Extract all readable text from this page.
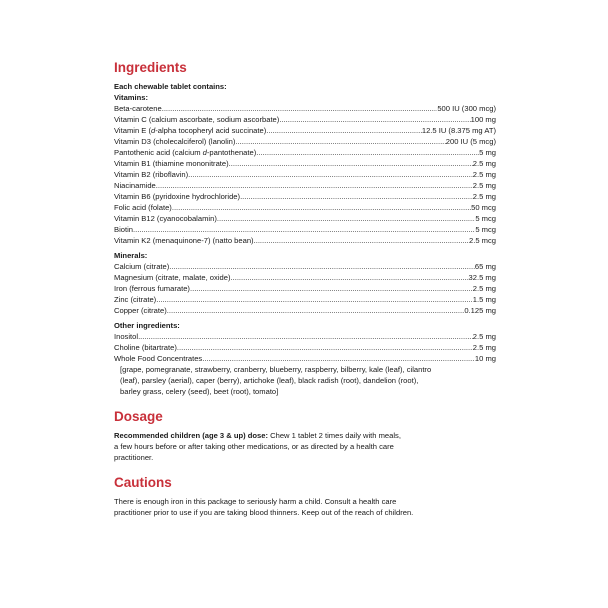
Ingredients
Each chewable tablet contains:
Vitamins:
Beta-carotene .....	500 IU (300 mcg)
Vitamin C (calcium ascorbate, sodium ascorbate) .....	100 mg
Vitamin E (d-alpha tocopheryl acid succinate) .....	12.5 IU (8.375 mg AT)
Vitamin D3 (cholecalciferol) (lanolin) .....	200 IU (5 mcg)
Pantothenic acid (calcium d-pantothenate) .....	5 mg
Vitamin B1 (thiamine mononitrate) .....	2.5 mg
Vitamin B2 (riboflavin) .....	2.5 mg
Niacinamide .....	2.5 mg
Vitamin B6 (pyridoxine hydrochloride) .....	2.5 mg
Folic acid (folate) .....	50 mcg
Vitamin B12 (cyanocobalamin) .....	5 mcg
Biotin .....	5 mcg
Vitamin K2 (menaquinone-7) (natto bean) .....	2.5 mcg
Minerals:
Calcium (citrate) .....	65 mg
Magnesium (citrate, malate, oxide) .....	32.5 mg
Iron (ferrous fumarate) .....	2.5 mg
Zinc (citrate) .....	1.5 mg
Copper (citrate) .....	0.125 mg
Other ingredients:
Inositol .....	2.5 mg
Choline (bitartrate) .....	2.5 mg
Whole Food Concentrates .....	10 mg
[grape, pomegranate, strawberry, cranberry, blueberry, raspberry, bilberry, kale (leaf), cilantro
(leaf), parsley (aerial), caper (berry), artichoke (leaf), black radish (root), dandelion (root),
barley grass, celery (seed), beet (root), tomato]
Dosage

Recommended children (age 3 & up) dose: Chew 1 tablet 2 times daily with meals,

a few hours before or after taking other medications, or as directed by a health care

practitioner.

Cautions

There is enough iron in this package to seriously harm a child. Consult a health care

practitioner prior to use if you are taking blood thinners. Keep out of the reach of children.
